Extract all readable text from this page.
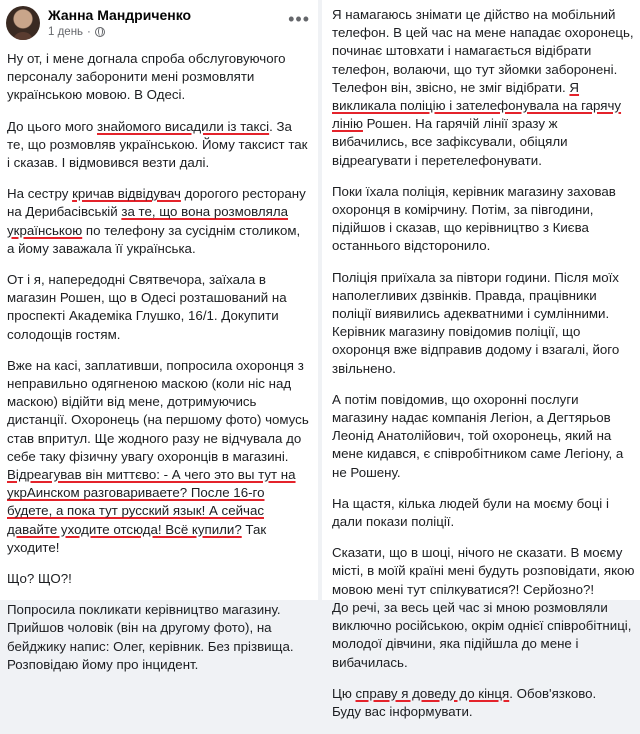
Жанна Мандриченко
1 день ·
•••

Ну от, і мене догнала спроба обслуговуючого персоналу заборонити мені розмовляти українською мовою. В Одесі.

До цього мого знайомого висадили із таксі. За те, що розмовляв українською. Йому таксист так і сказав. І відмовився везти далі.

На сестру кричав відвідувач дорогого ресторану на Дерибасівській за те, що вона розмовляла українською по телефону за сусіднім столиком, а йому заважала її українська.

От і я, напередодні Святвечора, заїхала в магазин Рошен, що в Одесі розташований на проспекті Академіка Глушко, 16/1. Докупити солодощів гостям.

Вже на касі, заплативши, попросила охоронця з неправильно одягненою маскою (коли ніс над маскою) відійти від мене, дотримуючись дистанції. Охоронець (на першому фото) чомусь став впритул. Ще жодного разу не відчувала до себе таку фізичну увагу охоронців в магазині. Відреагував він миттєво: - А чего это вы тут на укрАинском разговариваете? После 16-го будете, а пока тут русский язык! А сейчас давайте уходите отсюда! Всё купили? Так уходите!

Що? ЩО?!

Попросила покликати керівництво магазину. Прийшов чоловік (він на другому фото), на бейджику напис: Олег, керівник. Без прізвища. Розповідаю йому про інцидент.

Я намагаюсь знімати це дійство на мобільний телефон. В цей час на мене нападає охоронець, починає штовхати і намагається відібрати телефон, волаючи, що тут зйомки заборонені. Телефон він, звісно, не зміг відібрати. Я викликала поліцію і зателефонувала на гарячу лінію Рошен. На гарячій лінії зразу ж вибачились, все зафіксували, обіцяли відреагувати і перетелефонувати.

Поки їхала поліція, керівник магазину заховав охоронця в комірчину. Потім, за півгодини, підійшов і сказав, що керівництво з Києва останнього відсторонило.

Поліція приїхала за півтори години. Після моїх наполегливих дзвінків. Правда, працівники поліції виявились адекватними і сумлінними. Керівник магазину повідомив поліції, що охоронця вже відправив додому і взагалі, його звільнено.

А потім повідомив, що охоронні послуги магазину надає компанія Легіон, а Дегтярьов Леонід Анатолійович, той охоронець, який на мене кидався, є співробітником саме Легіону, а не Рошену.

На щастя, кілька людей були на моєму боці і дали покази поліції.

Сказати, що в шоці, нічого не сказати. В моєму місті, в моїй країні мені будуть розповідати, якою мовою мені тут спілкуватися?! Серйозно?!

До речі, за весь цей час зі мною розмовляли виключно російською, окрім однієї співробітниці, молодої дівчини, яка підійшла до мене і вибачилась.

Цю справу я доведу до кінця. Обов'язково.

Буду вас інформувати.
